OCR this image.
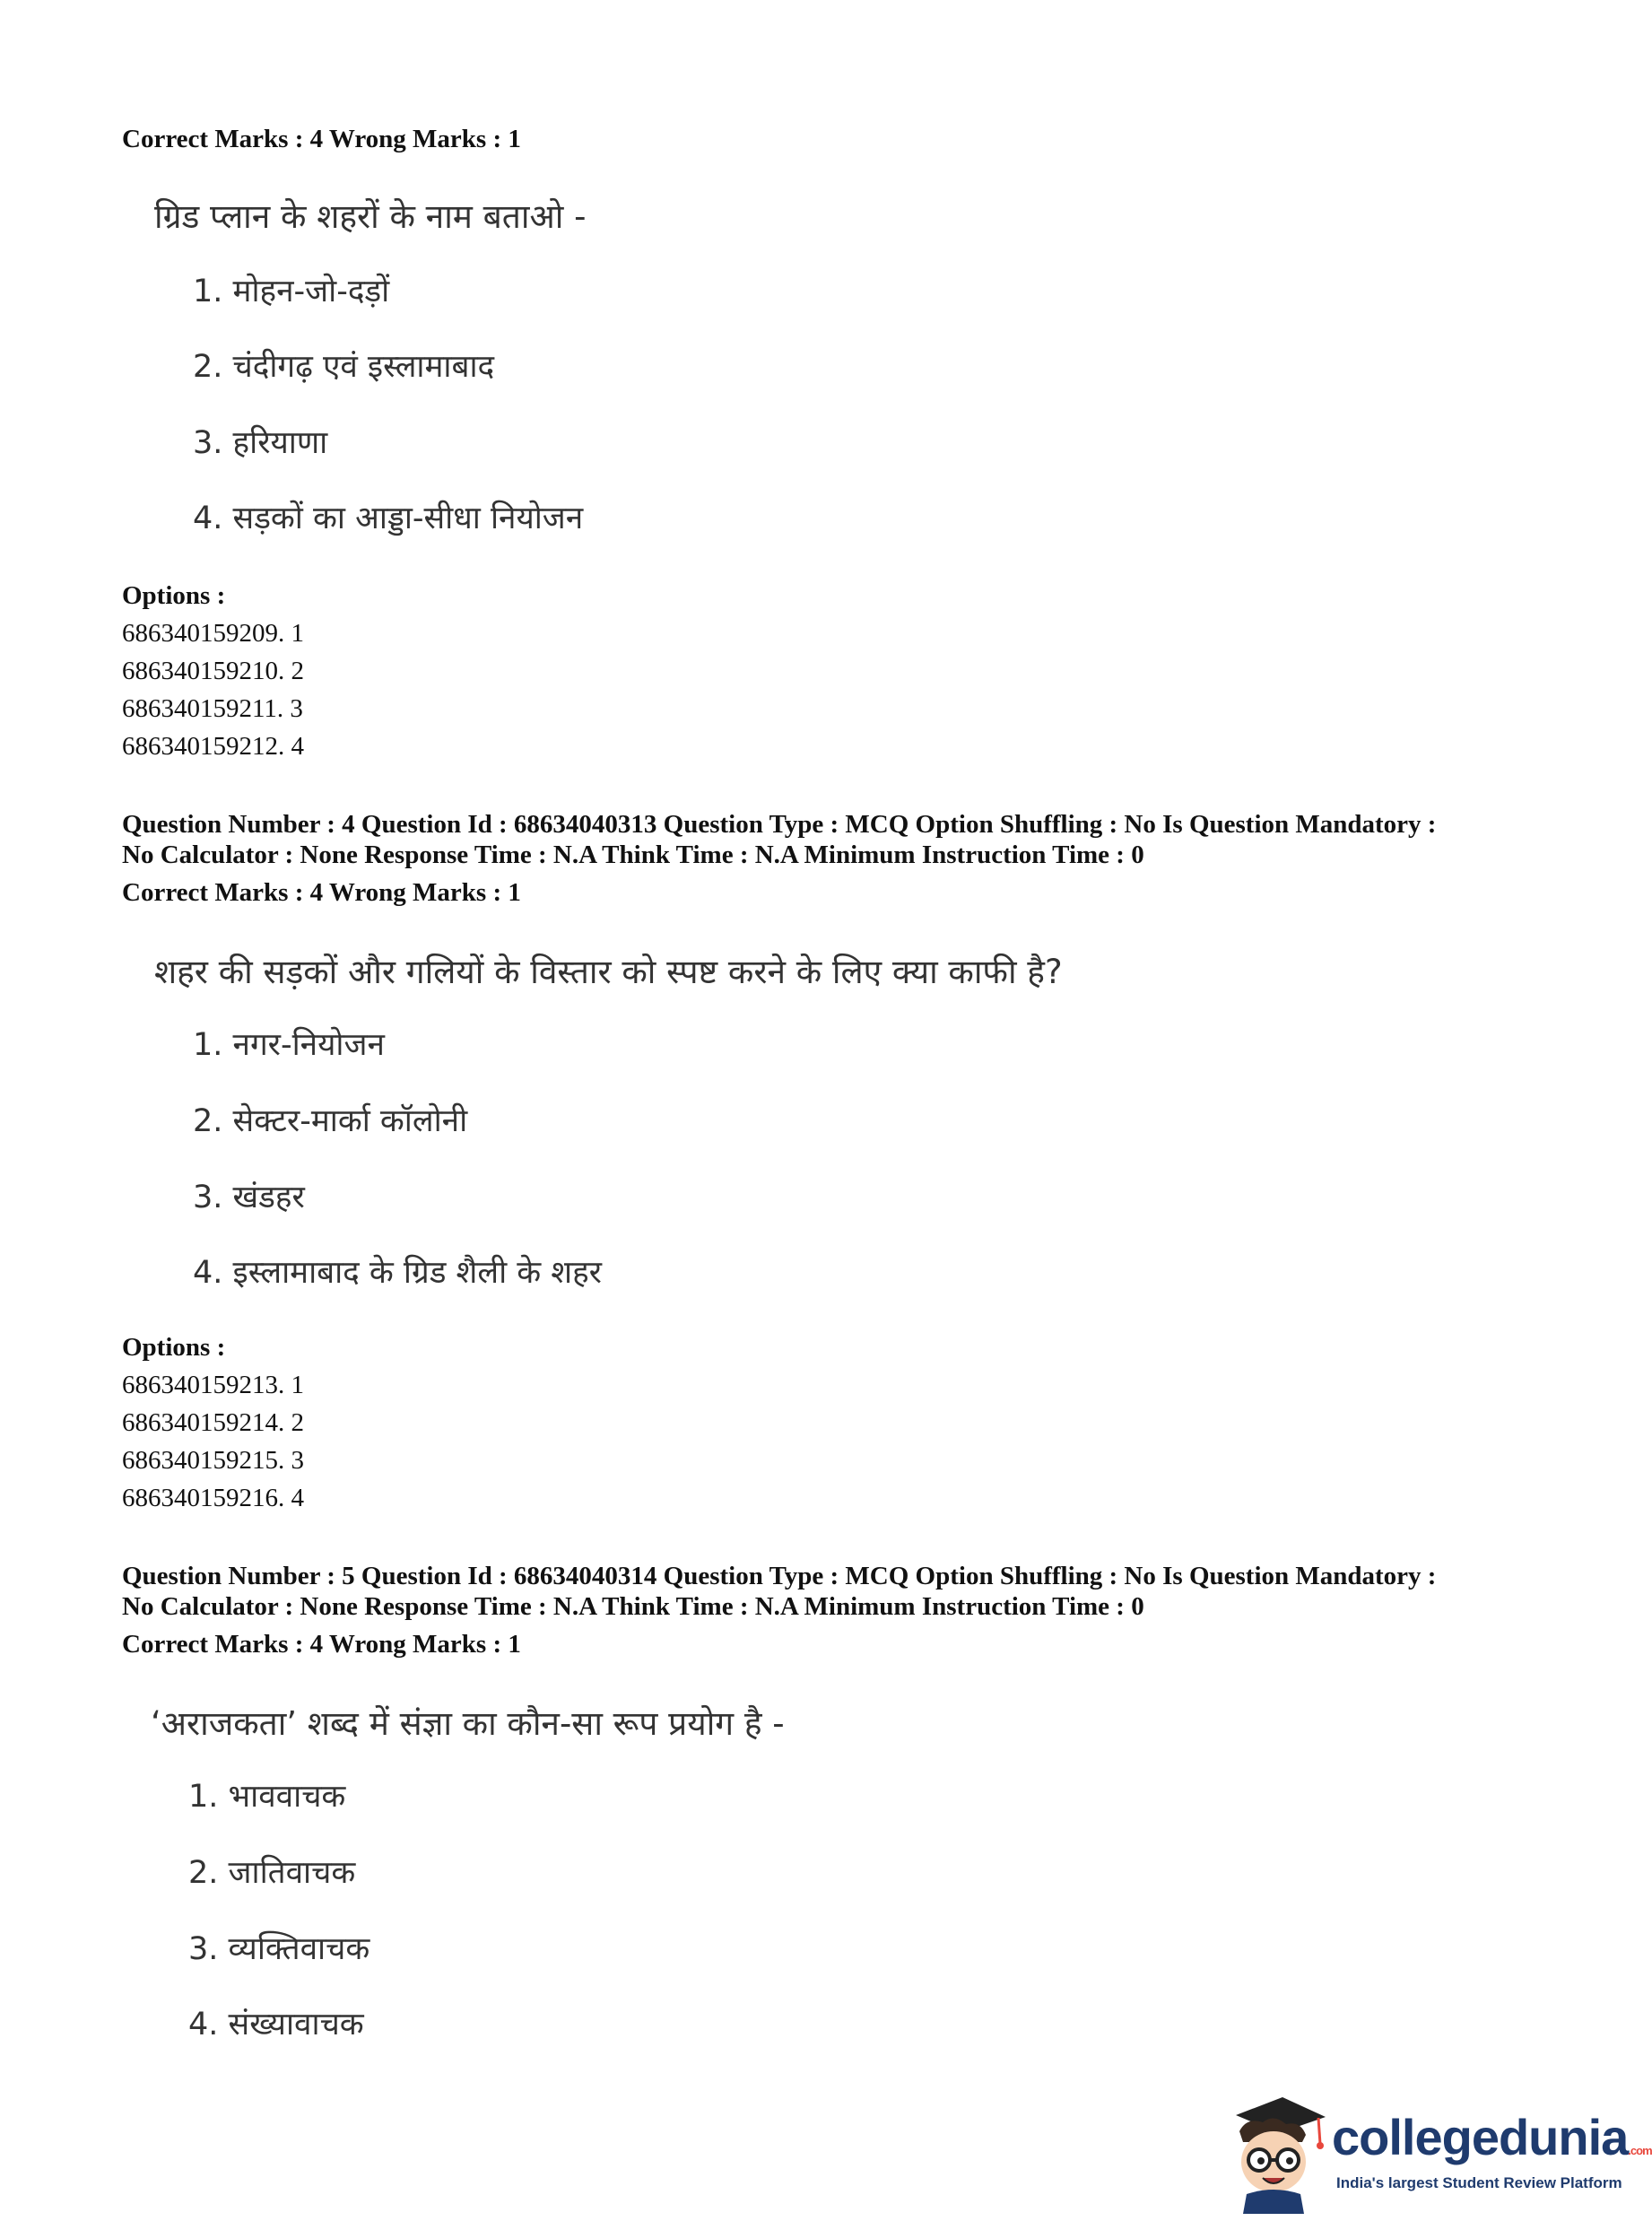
Correct Marks : 4 Wrong Marks : 1
ग्रिड प्लान के शहरों के नाम बताओ -
1. मोहन-जो-दड़ों
2. चंदीगढ़ एवं इस्लामाबाद
3. हरियाणा
4. सड़कों का आड्डा-सीधा नियोजन
Options :
686340159209. 1
686340159210. 2
686340159211. 3
686340159212. 4
Question Number : 4 Question Id : 68634040313 Question Type : MCQ Option Shuffling : No Is Question Mandatory :
No Calculator : None Response Time : N.A Think Time : N.A Minimum Instruction Time : 0
Correct Marks : 4 Wrong Marks : 1
शहर की सड़कों और गलियों के विस्तार को स्पष्ट करने के लिए क्या काफी है?
1. नगर-नियोजन
2. सेक्टर-मार्का कॉलोनी
3. खंडहर
4. इस्लामाबाद के ग्रिड शैली के शहर
Options :
686340159213. 1
686340159214. 2
686340159215. 3
686340159216. 4
Question Number : 5 Question Id : 68634040314 Question Type : MCQ Option Shuffling : No Is Question Mandatory :
No Calculator : None Response Time : N.A Think Time : N.A Minimum Instruction Time : 0
Correct Marks : 4 Wrong Marks : 1
‘अराजकता’ शब्द में संज्ञा का कौन-सा रूप प्रयोग है -
1. भाववाचक
2. जातिवाचक
3. व्यक्तिवाचक
4. संख्यावाचक
collegedunia.com
India's largest Student Review Platform
